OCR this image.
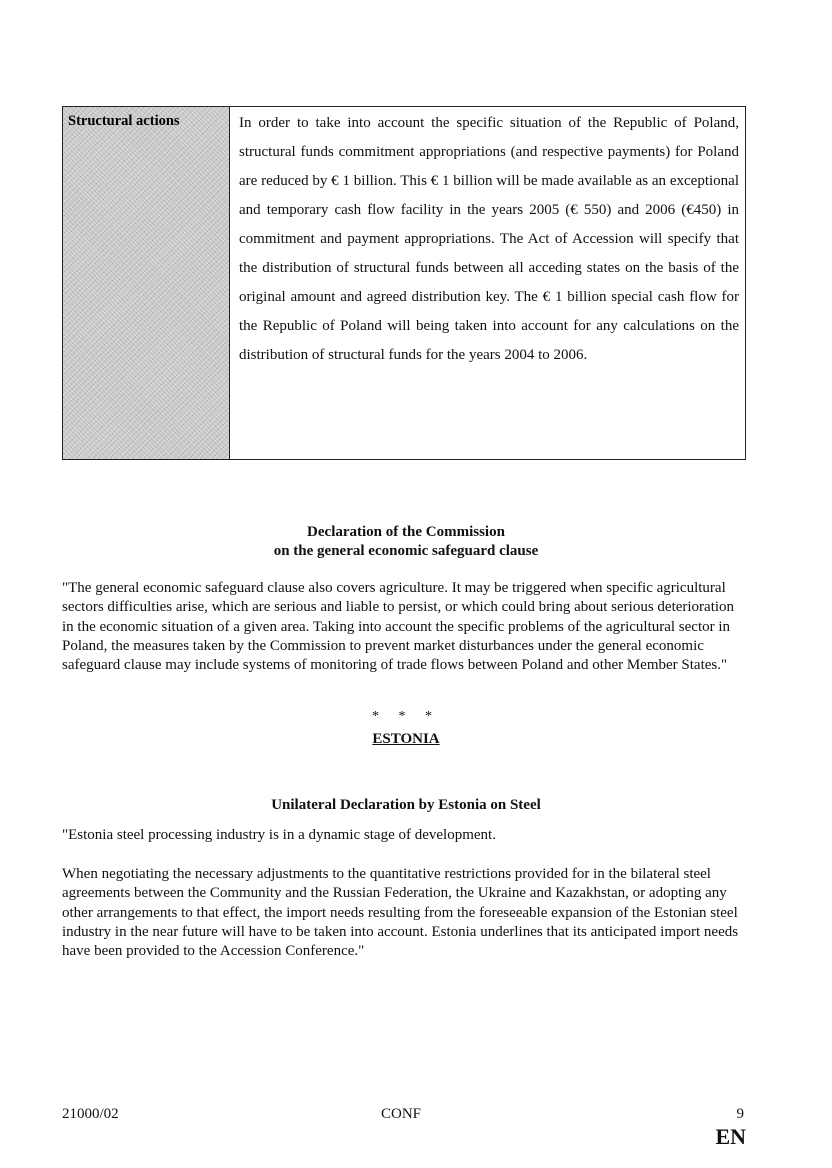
Structural actions	In order to take into account the specific situation of the Republic of Poland, structural funds commitment appropriations (and respective payments) for Poland are reduced by € 1 billion. This € 1 billion will be made available as an exceptional and temporary cash flow facility in the years 2005 (€ 550) and 2006 (€450) in commitment and payment appropriations. The Act of Accession will specify that the distribution of structural funds between all acceding states on the basis of the original amount and agreed distribution key. The € 1 billion special cash flow for the Republic of Poland will being taken into account for any calculations on the distribution of structural funds for the years 2004 to 2006.
Declaration of the Commission
on the general economic safeguard clause
"The general economic safeguard clause also covers agriculture. It may be triggered when specific agricultural sectors difficulties arise, which are serious and liable to persist, or which could bring about serious deterioration in the economic situation of a given area. Taking into account the specific problems of the agricultural sector in Poland, the measures taken by the Commission to prevent market disturbances under the general economic safeguard clause may include systems of monitoring of trade flows between Poland and other Member States."
* * *
ESTONIA
Unilateral Declaration by Estonia on Steel
"Estonia steel processing industry is in a dynamic stage of development.
When negotiating the necessary adjustments to the quantitative restrictions provided for in the bilateral steel agreements between the Community and the Russian Federation, the Ukraine and Kazakhstan, or adopting any other arrangements to that effect, the import needs resulting from the foreseeable expansion of the Estonian steel industry in the near future will have to be taken into account. Estonia underlines that its anticipated import needs have been provided to the Accession Conference."
21000/02	CONF	9
EN
